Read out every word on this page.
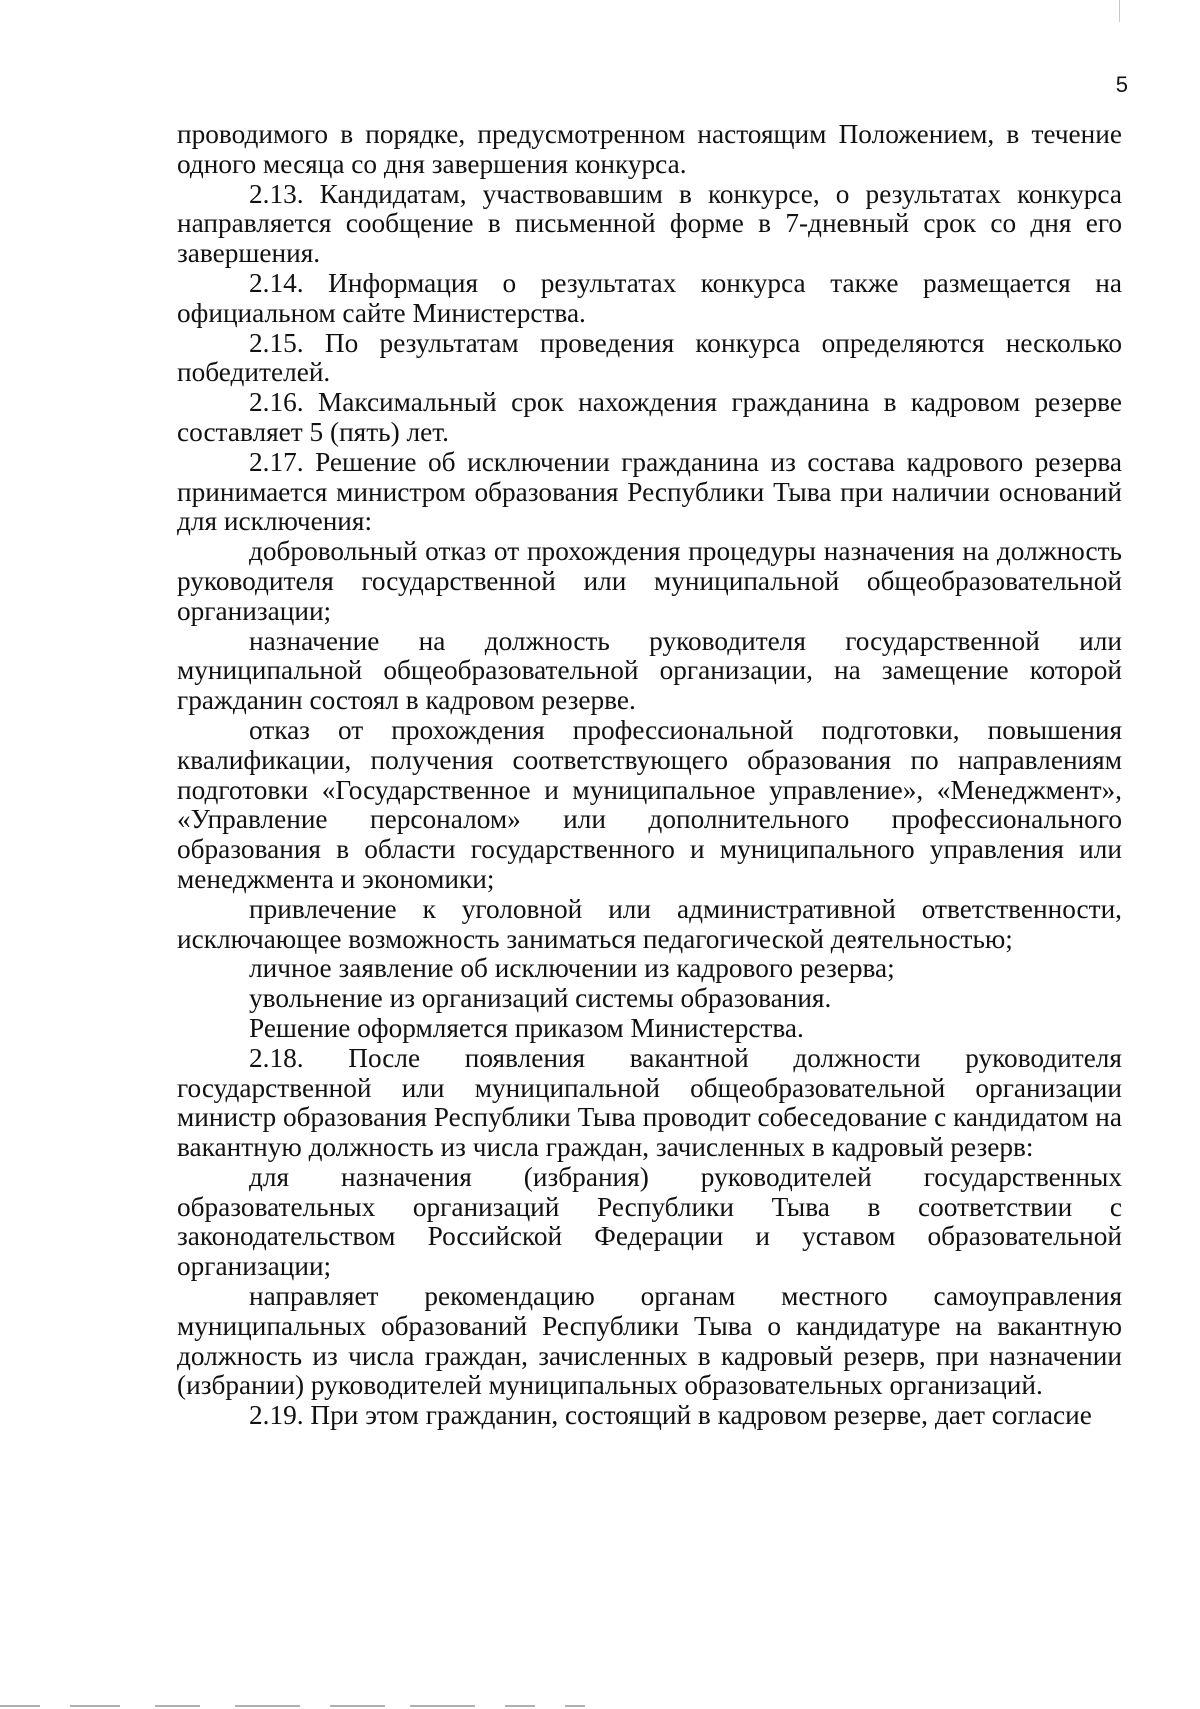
5

проводимого в порядке, предусмотренном настоящим Положением, в течение одного месяца со дня завершения конкурса.

2.13. Кандидатам, участвовавшим в конкурсе, о результатах конкурса направляется сообщение в письменной форме в 7-дневный срок со дня его завершения.

2.14. Информация о результатах конкурса также размещается на официальном сайте Министерства.

2.15. По результатам проведения конкурса определяются несколько победителей.

2.16. Максимальный срок нахождения гражданина в кадровом резерве составляет 5 (пять) лет.

2.17. Решение об исключении гражданина из состава кадрового резерва принимается министром образования Республики Тыва при наличии оснований для исключения:

добровольный отказ от прохождения процедуры назначения на должность руководителя государственной или муниципальной общеобразовательной организации;

назначение на должность руководителя государственной или муниципальной общеобразовательной организации, на замещение которой гражданин состоял в кадровом резерве.

отказ от прохождения профессиональной подготовки, повышения квалификации, получения соответствующего образования по направлениям подготовки «Государственное и муниципальное управление», «Менеджмент», «Управление персоналом» или дополнительного профессионального образования в области государственного и муниципального управления или менеджмента и экономики;

привлечение к уголовной или административной ответственности, исключающее возможность заниматься педагогической деятельностью;

личное заявление об исключении из кадрового резерва;

увольнение из организаций системы образования.

Решение оформляется приказом Министерства.

2.18. После появления вакантной должности руководителя государственной или муниципальной общеобразовательной организации министр образования Республики Тыва проводит собеседование с кандидатом на вакантную должность из числа граждан, зачисленных в кадровый резерв:

для назначения (избрания) руководителей государственных образовательных организаций Республики Тыва в соответствии с законодательством Российской Федерации и уставом образовательной организации;

направляет рекомендацию органам местного самоуправления муниципальных образований Республики Тыва о кандидатуре на вакантную должность из числа граждан, зачисленных в кадровый резерв, при назначении (избрании) руководителей муниципальных образовательных организаций.

2.19. При этом гражданин, состоящий в кадровом резерве, дает согласие
